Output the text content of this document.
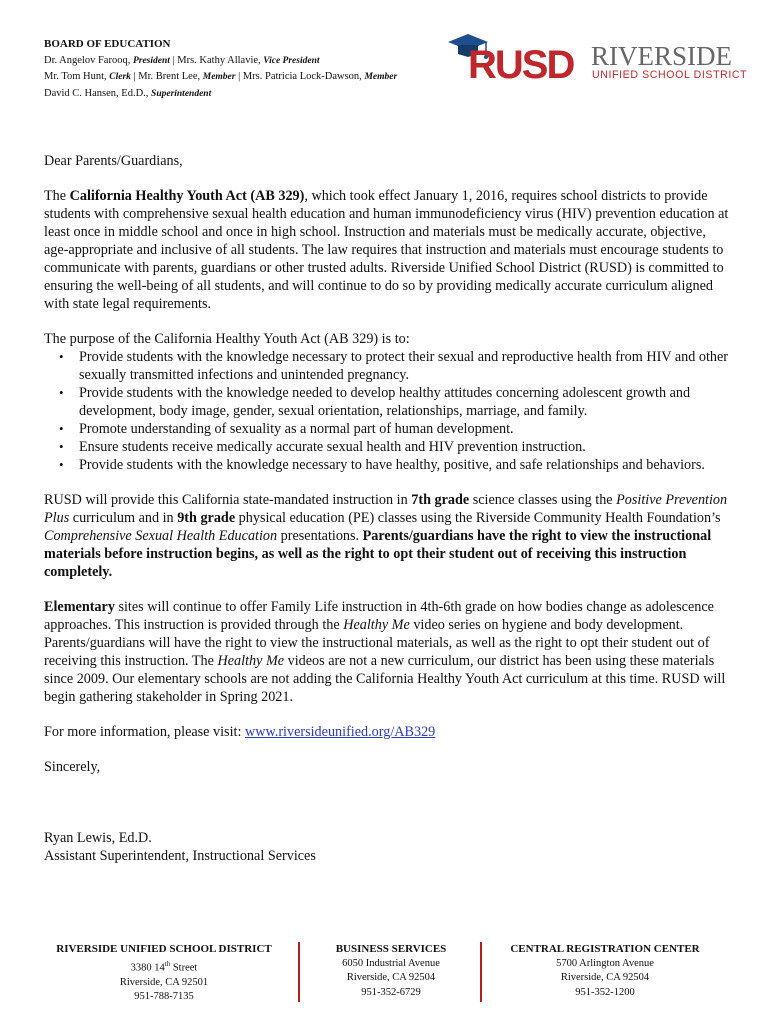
BOARD OF EDUCATION
Dr. Angelov Farooq, President | Mrs. Kathy Allavie, Vice President
Mr. Tom Hunt, Clerk | Mr. Brent Lee, Member | Mrs. Patricia Lock-Dawson, Member
David C. Hansen, Ed.D., Superintendent
RUSD RIVERSIDE
UNIFIED SCHOOL DISTRICT

Dear Parents/Guardians,

The California Healthy Youth Act (AB 329), which took effect January 1, 2016, requires school districts to provide students with comprehensive sexual health education and human immunodeficiency virus (HIV) prevention education at least once in middle school and once in high school. Instruction and materials must be medically accurate, objective, age-appropriate and inclusive of all students. The law requires that instruction and materials must encourage students to communicate with parents, guardians or other trusted adults. Riverside Unified School District (RUSD) is committed to ensuring the well-being of all students, and will continue to do so by providing medically accurate curriculum aligned with state legal requirements.

The purpose of the California Healthy Youth Act (AB 329) is to:

• Provide students with the knowledge necessary to protect their sexual and reproductive health from HIV and other sexually transmitted infections and unintended pregnancy.
• Provide students with the knowledge needed to develop healthy attitudes concerning adolescent growth and development, body image, gender, sexual orientation, relationships, marriage, and family.
• Promote understanding of sexuality as a normal part of human development.
• Ensure students receive medically accurate sexual health and HIV prevention instruction.
• Provide students with the knowledge necessary to have healthy, positive, and safe relationships and behaviors.

RUSD will provide this California state-mandated instruction in 7th grade science classes using the Positive Prevention Plus curriculum and in 9th grade physical education (PE) classes using the Riverside Community Health Foundation’s Comprehensive Sexual Health Education presentations. Parents/guardians have the right to view the instructional materials before instruction begins, as well as the right to opt their student out of receiving this instruction completely.

Elementary sites will continue to offer Family Life instruction in 4th-6th grade on how bodies change as adolescence approaches. This instruction is provided through the Healthy Me video series on hygiene and body development. Parents/guardians will have the right to view the instructional materials, as well as the right to opt their student out of receiving this instruction. The Healthy Me videos are not a new curriculum, our district has been using these materials since 2009. Our elementary schools are not adding the California Healthy Youth Act curriculum at this time. RUSD will begin gathering stakeholder in Spring 2021.

For more information, please visit: www.riversideunified.org/AB329

Sincerely,

Ryan Lewis, Ed.D.
Assistant Superintendent, Instructional Services
RIVERSIDE UNIFIED SCHOOL DISTRICT
3380 14th Street
Riverside, CA 92501
951-788-7135
BUSINESS SERVICES
6050 Industrial Avenue
Riverside, CA 92504
951-352-6729
CENTRAL REGISTRATION CENTER
5700 Arlington Avenue
Riverside, CA 92504
951-352-1200
